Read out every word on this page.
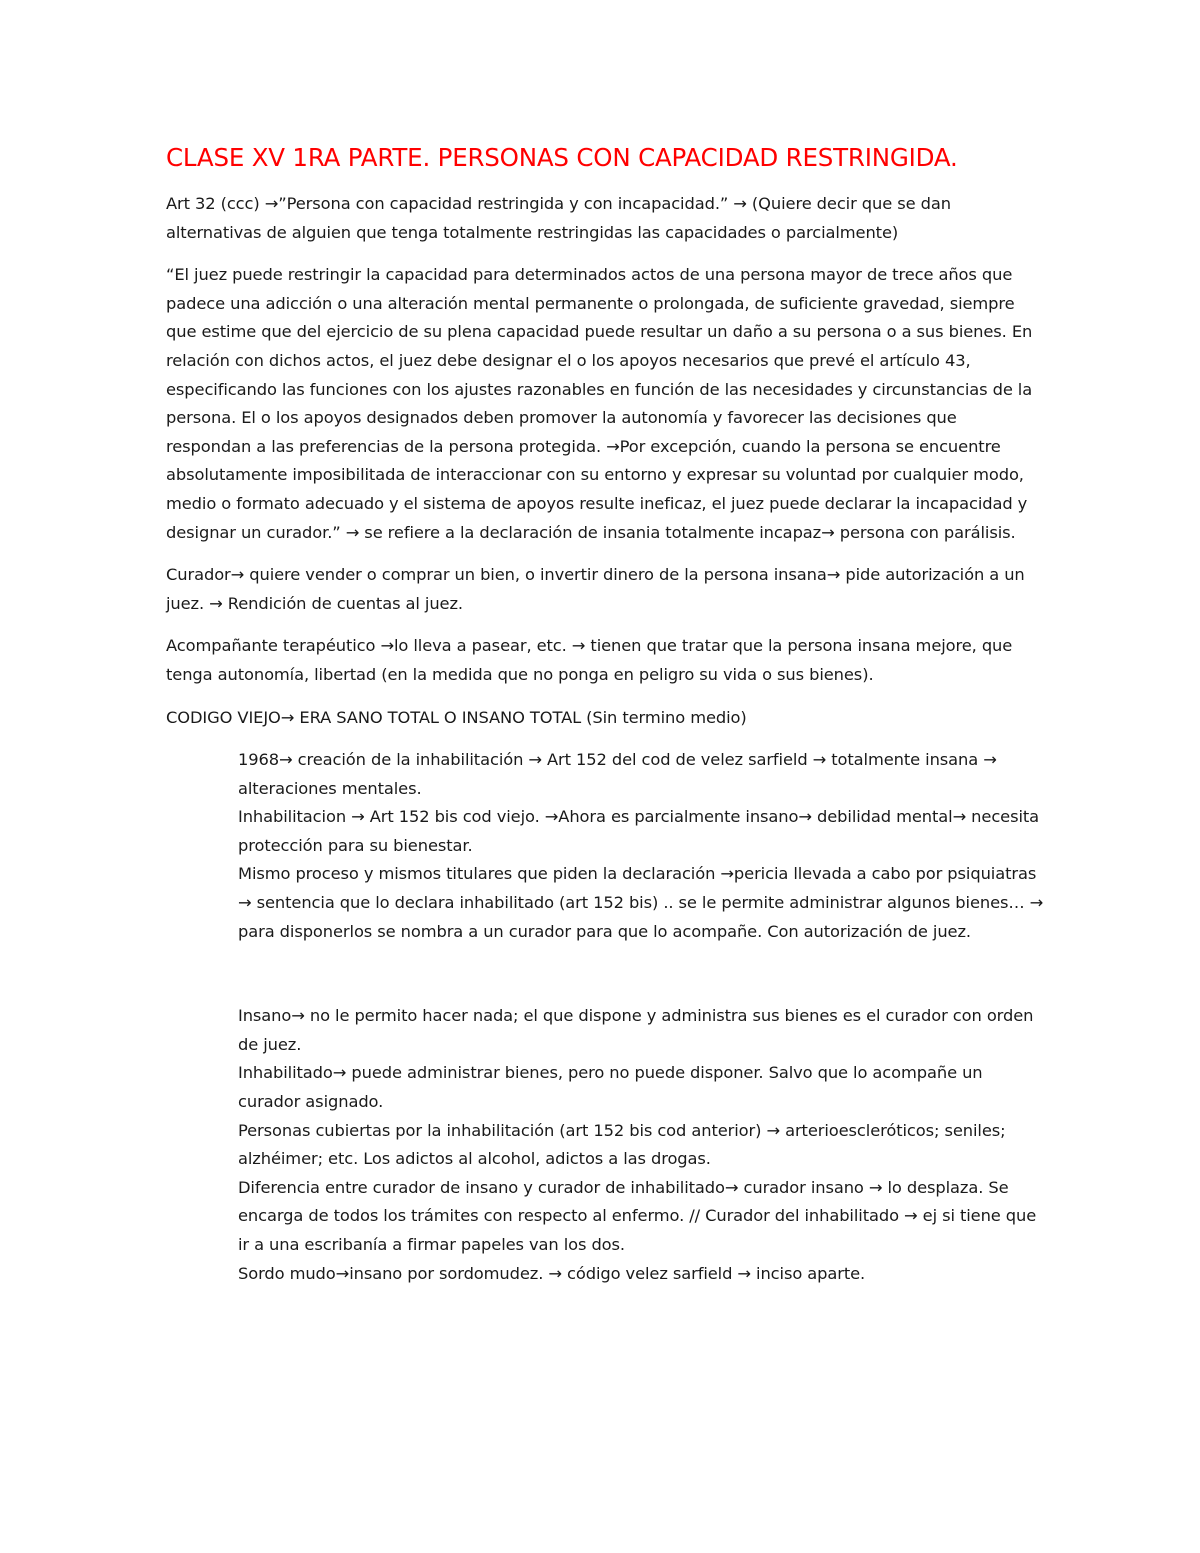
CLASE XV 1RA PARTE. PERSONAS CON CAPACIDAD RESTRINGIDA.

Art 32 (ccc) →”Persona con capacidad restringida y con incapacidad.” → (Quiere decir que se dan alternativas de alguien que tenga totalmente restringidas las capacidades o parcialmente)

“El juez puede restringir la capacidad para determinados actos de una persona mayor de trece años que padece una adicción o una alteración mental permanente o prolongada, de suficiente gravedad, siempre que estime que del ejercicio de su plena capacidad puede resultar un daño a su persona o a sus bienes. En relación con dichos actos, el juez debe designar el o los apoyos necesarios que prevé el artículo 43, especificando las funciones con los ajustes razonables en función de las necesidades y circunstancias de la persona. El o los apoyos designados deben promover la autonomía y favorecer las decisiones que respondan a las preferencias de la persona protegida. →Por excepción, cuando la persona se encuentre absolutamente imposibilitada de interaccionar con su entorno y expresar su voluntad por cualquier modo, medio o formato adecuado y el sistema de apoyos resulte ineficaz, el juez puede declarar la incapacidad y designar un curador.” → se refiere a la declaración de insania totalmente incapaz→ persona con parálisis.

Curador→ quiere vender o comprar un bien, o invertir dinero de la persona insana→ pide autorización a un juez. → Rendición de cuentas al juez.

Acompañante terapéutico →lo lleva a pasear, etc. → tienen que tratar que la persona insana mejore, que tenga autonomía, libertad (en la medida que no ponga en peligro su vida o sus bienes).

CODIGO VIEJO→ ERA SANO TOTAL O INSANO TOTAL (Sin termino medio)

1968→ creación de la inhabilitación → Art 152 del cod de velez sarfield → totalmente insana → alteraciones mentales.
Inhabilitacion → Art 152 bis cod viejo. →Ahora es parcialmente insano→ debilidad mental→ necesita protección para su bienestar.
Mismo proceso y mismos titulares que piden la declaración →pericia llevada a cabo por psiquiatras → sentencia que lo declara inhabilitado (art 152 bis) .. se le permite administrar algunos bienes… → para disponerlos se nombra a un curador para que lo acompañe. Con autorización de juez.
Insano→ no le permito hacer nada; el que dispone y administra sus bienes es el curador con orden de juez.
Inhabilitado→ puede administrar bienes, pero no puede disponer. Salvo que lo acompañe un curador asignado.
Personas cubiertas por la inhabilitación (art 152 bis cod anterior) → arterioescleróticos; seniles; alzhéimer; etc. Los adictos al alcohol, adictos a las drogas.
Diferencia entre curador de insano y curador de inhabilitado→ curador insano → lo desplaza. Se encarga de todos los trámites con respecto al enfermo. // Curador del inhabilitado → ej si tiene que ir a una escribanía a firmar papeles van los dos.
Sordo mudo→insano por sordomudez. → código velez sarfield → inciso aparte.
